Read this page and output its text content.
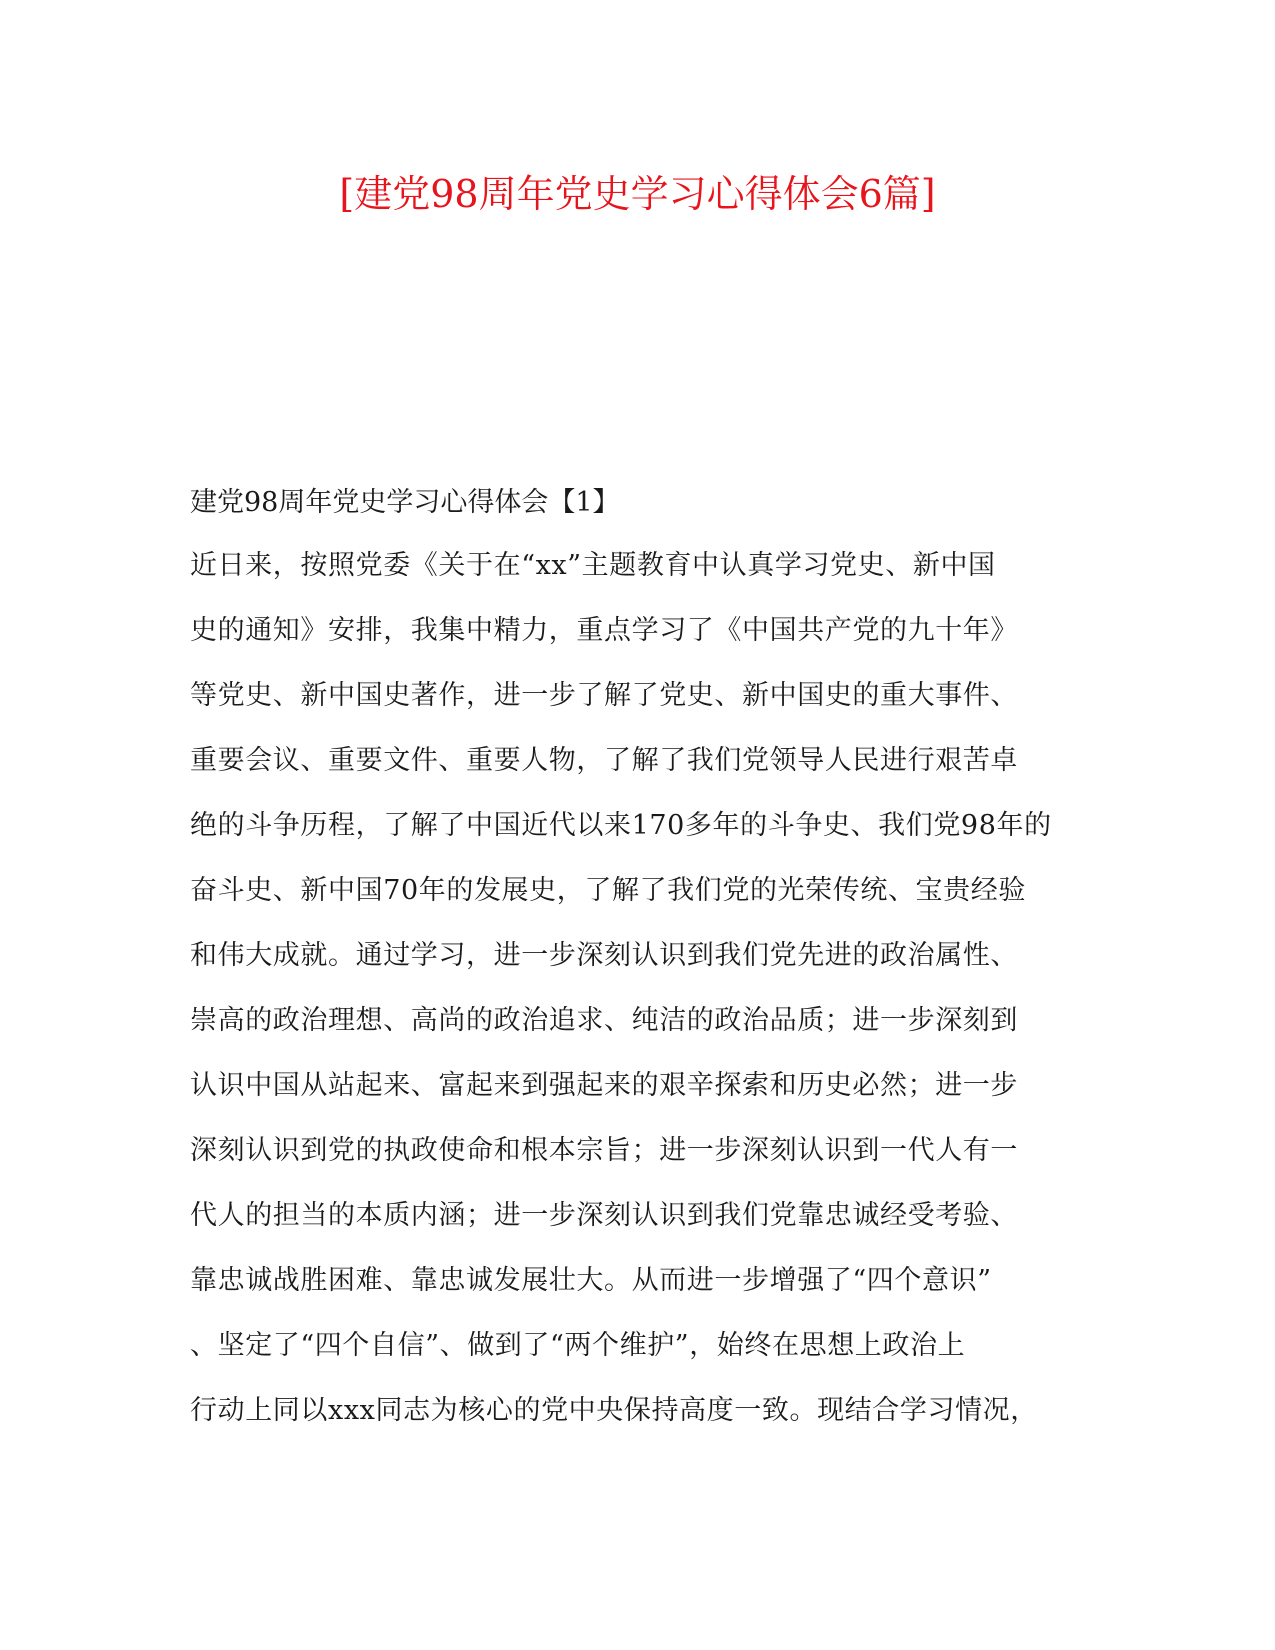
[建党98周年党史学习心得体会6篇]
建党98周年党史学习心得体会【1】
近日来，按照党委《关于在“xx”主题教育中认真学习党史、新中国
史的通知》安排，我集中精力，重点学习了《中国共产党的九十年》
等党史、新中国史著作，进一步了解了党史、新中国史的重大事件、
重要会议、重要文件、重要人物，了解了我们党领导人民进行艰苦卓
绝的斗争历程，了解了中国近代以来170多年的斗争史、我们党98年的
奋斗史、新中国70年的发展史，了解了我们党的光荣传统、宝贵经验
和伟大成就。通过学习，进一步深刻认识到我们党先进的政治属性、
崇高的政治理想、高尚的政治追求、纯洁的政治品质；进一步深刻到
认识中国从站起来、富起来到强起来的艰辛探索和历史必然；进一步
深刻认识到党的执政使命和根本宗旨；进一步深刻认识到一代人有一
代人的担当的本质内涵；进一步深刻认识到我们党靠忠诚经受考验、
靠忠诚战胜困难、靠忠诚发展壮大。从而进一步增强了“四个意识”
、坚定了“四个自信”、做到了“两个维护”，始终在思想上政治上
行动上同以xxx同志为核心的党中央保持高度一致。现结合学习情况，
